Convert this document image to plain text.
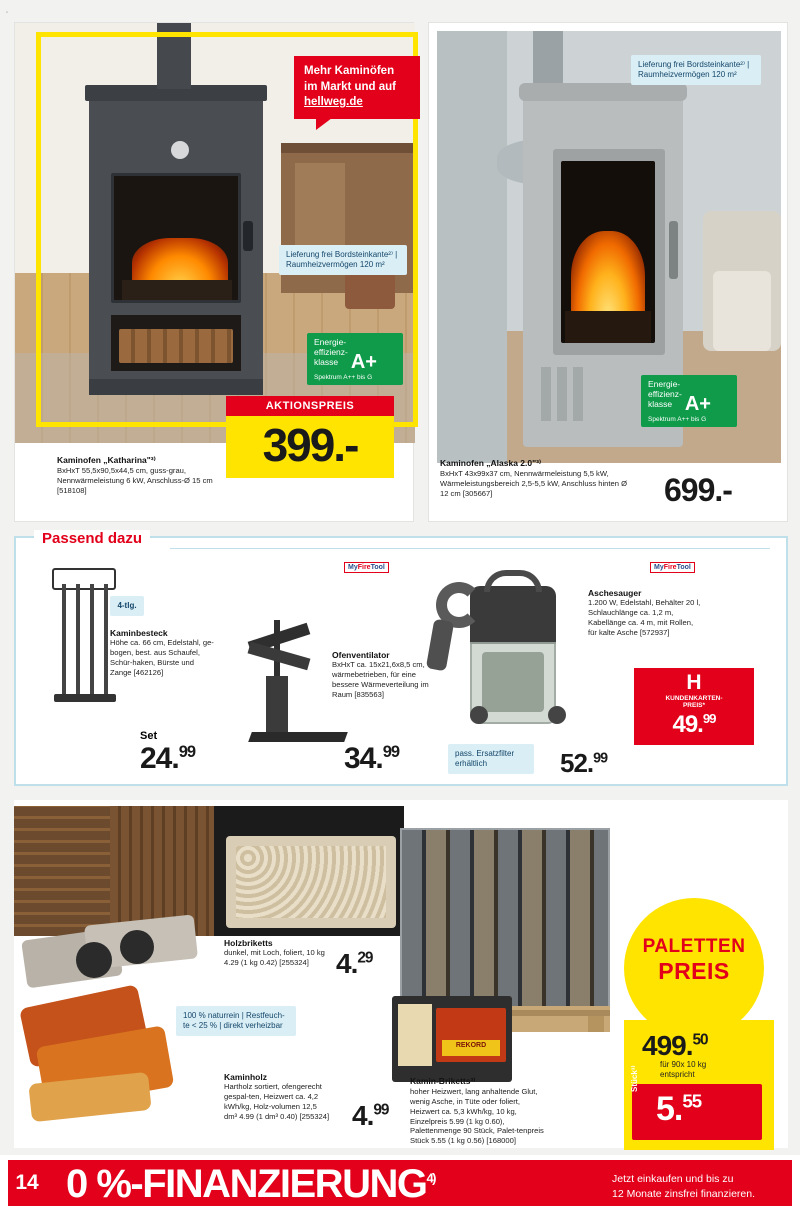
▫
Lieferung frei Bordsteinkante²⁾ | Raumheizvermögen 120 m²
Energie-
effizienz-
klasse A+
Spektrum A++ bis G
Kaminofen „Katharina"³⁾
BxHxT 55,5x90,5x44,5 cm, guss-grau, Nennwärmeleistung 6 kW, Anschluss-Ø 15 cm [518108]
Mehr Kaminöfen
im Markt und auf
hellweg.de
AKTIONSPREIS
399.-
Lieferung frei Bordsteinkante²⁾ | Raumheizvermögen 120 m²
Energie-
effizienz-
klasse A+
Spektrum A++ bis G
Kaminofen „Alaska 2.0"³⁾
BxHxT 43x99x37 cm, Nennwärmeleistung 5,5 kW, Wärmeleistungsbereich 2,5-5,5 kW, Anschluss hinten Ø 12 cm [305667]	699.-
Passend dazu
4-tlg.
Kaminbesteck
Höhe ca. 66 cm, Edelstahl, ge-bogen, best. aus Schaufel, Schür-haken, Bürste und Zange [462126]
Set
24.99
Ofenventilator
BxHxT ca. 15x21,6x8,5 cm, wärmebetrieben, für eine bessere Wärmeverteilung im Raum [835563]
34.99
Aschesauger
1.200 W, Edelstahl, Behälter 20 l, Schlauchlänge ca. 1,2 m, Kabellänge ca. 4 m, mit Rollen, für kalte Asche [572937]
pass. Ersatzfilter erhältlich	52.99
H
KUNDENKARTEN-
PREIS*
49.99
MyFireTool	MyFireTool
Holzbriketts
dunkel, mit Loch, foliert, 10 kg 4.29 (1 kg 0.42) [255324] 4.29
100 % naturrein | Restfeuch-te < 25 % | direkt verheizbar
Kaminholz
Hartholz sortiert, ofengerecht gespal-ten, Heizwert ca. 4,2 kWh/kg, Holz-volumen 12,5 dm³ 4.99 (1 dm³ 0.40) [255324] 4.99
REKORD
Kamin-Briketts³⁾
hoher Heizwert, lang anhaltende Glut, wenig Asche, in Tüte oder foliert, Heizwert ca. 5,3 kWh/kg, 10 kg, Einzelpreis 5.99 (1 kg 0.60), Palettenmenge 90 Stück, Palet-tenpreis Stück 5.55 (1 kg 0.56) [168000]
PALETTEN
PREIS
499.50
für 90x 10 kg
entspricht
Stück³⁾
5.55
14 0 %-FINANZIERUNG$^{4)}$	Jetzt einkaufen und bis zu
12 Monate zinsfrei finanzieren.
